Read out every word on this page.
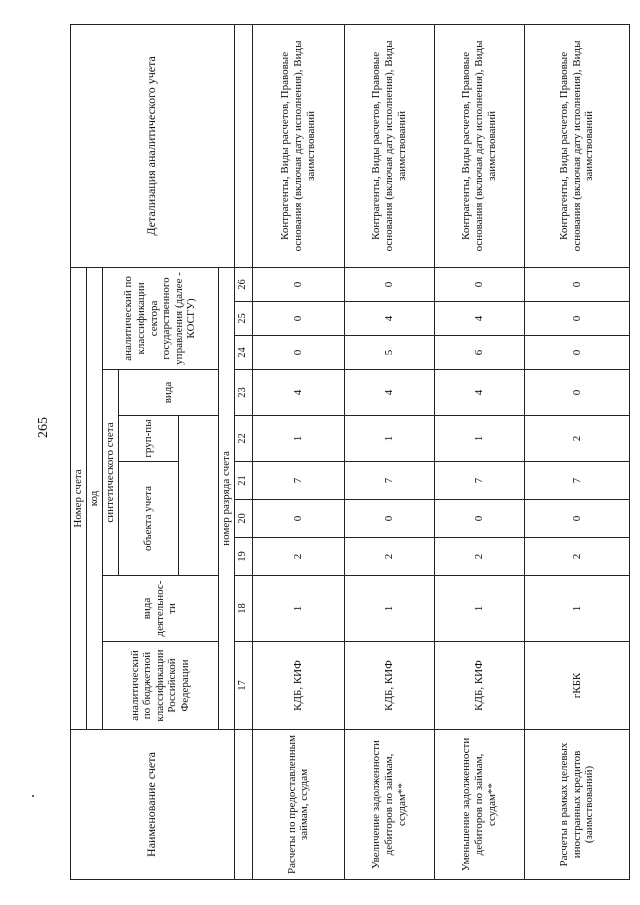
265
Наименование счета	Номер счета										Детализация аналитического учета
	код										
	аналитический по бюджетной классификации Российской Федерации	вида деятельнос-ти	синтетического счета					аналитический по классификации сектора государственного управления (далее - КОСГУ)			
			объекта учета			груп-пы	вида				

	номер разряда счета										
	17	18	19	20	21	22	23	24	25	26	
Расчеты по предоставленным займам, ссудам	КДБ, КИФ	1	2	0	7	1	4	0	0	0	Контрагенты, Виды расчетов, Правовые основания (включая дату исполнения), Виды заимствований
Увеличение задолженности дебиторов по займам, ссудам**	КДБ, КИФ	1	2	0	7	1	4	5	4	0	Контрагенты, Виды расчетов, Правовые основания (включая дату исполнения), Виды заимствований
Уменьшение задолженности дебиторов по займам, ссудам**	КДБ, КИФ	1	2	0	7	1	4	6	4	0	Контрагенты, Виды расчетов, Правовые основания (включая дату исполнения), Виды заимствований
Расчеты в рамках целевых иностранных кредитов (заимствований)	гКБК	1	2	0	7	2	0	0	0	0	Контрагенты, Виды расчетов, Правовые основания (включая дату исполнения), Виды заимствований
